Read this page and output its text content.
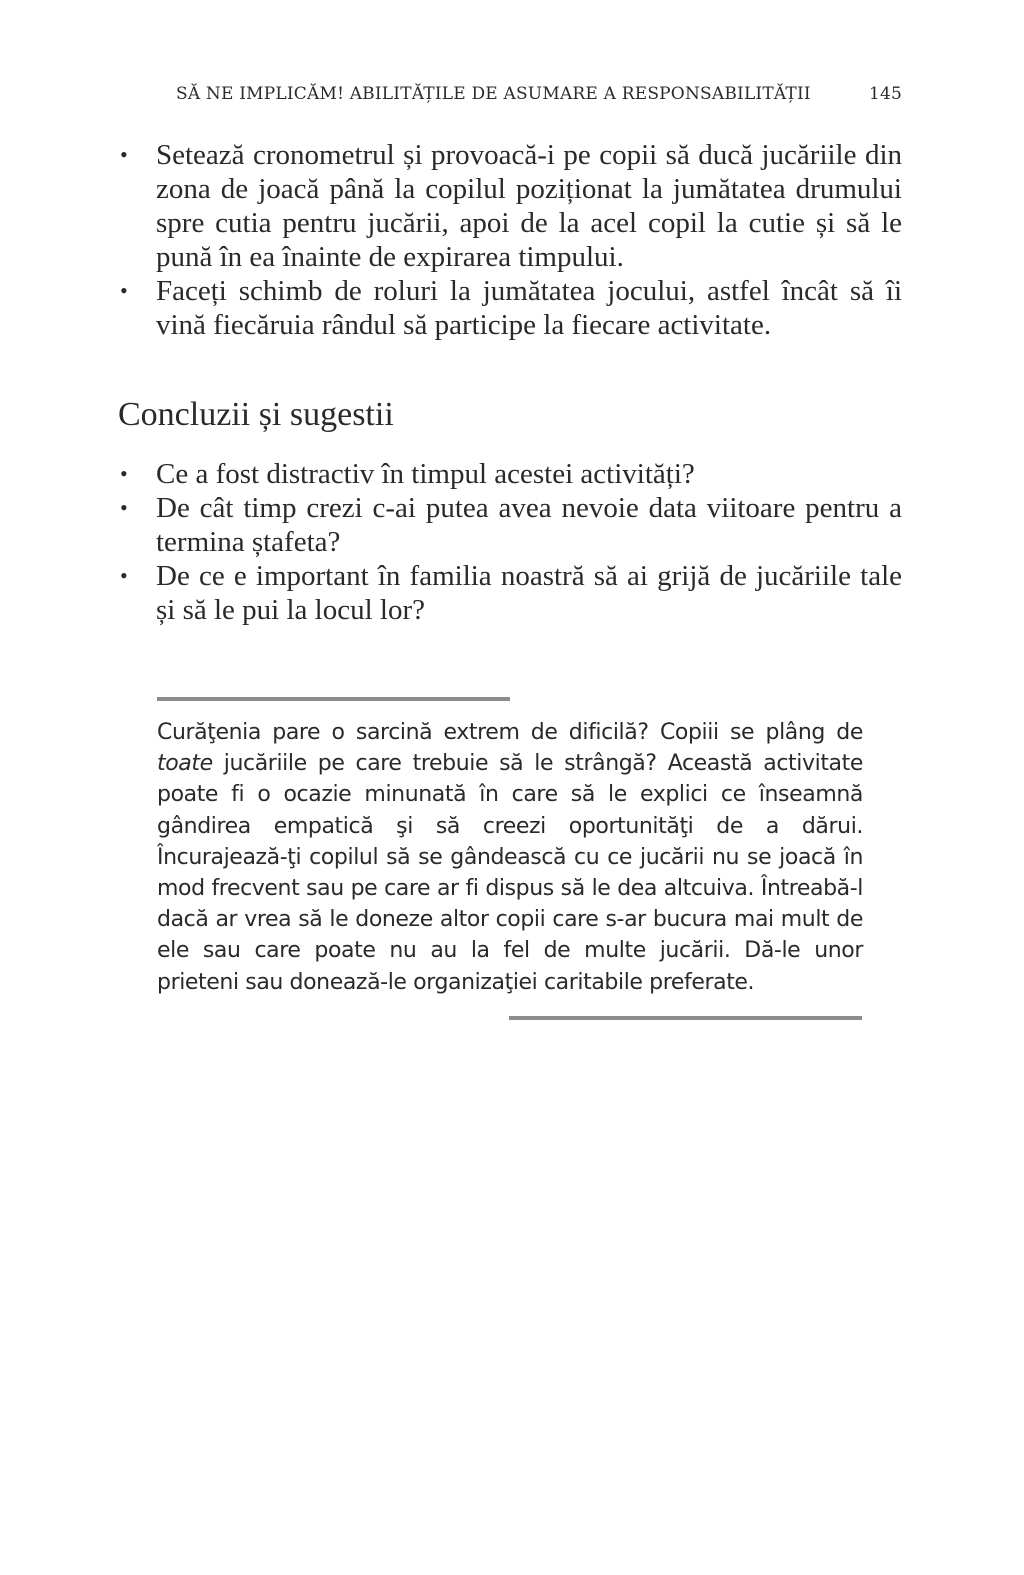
SĂ NE IMPLICĂM! ABILITĂȚILE DE ASUMARE A RESPONSABILITĂȚII	145
• Setează cronometrul și provoacă-i pe copii să ducă jucăriile din zona de joacă până la copilul poziționat la jumătatea drumului spre cutia pentru jucării, apoi de la acel copil la cutie și să le pună în ea înainte de expirarea timpului.
• Faceți schimb de roluri la jumătatea jocului, astfel încât să îi vină fiecăruia rândul să participe la fiecare activitate.
Concluzii și sugestii
• Ce a fost distractiv în timpul acestei activități?
• De cât timp crezi c-ai putea avea nevoie data viitoare pentru a termina ștafeta?
• De ce e important în familia noastră să ai grijă de jucăriile tale și să le pui la locul lor?

Curăţenia pare o sarcină extrem de dificilă? Copiii se plâng de toate jucăriile pe care trebuie să le strângă? Această activitate poate fi o ocazie minunată în care să le explici ce înseamnă gândirea empatică şi să creezi oportunităţi de a dărui. Încurajează-ţi copilul să se gândească cu ce jucării nu se joacă în mod frecvent sau pe care ar fi dispus să le dea altcuiva. Întreabă-l dacă ar vrea să le doneze altor copii care s-ar bucura mai mult de ele sau care poate nu au la fel de multe jucării. Dă-le unor prieteni sau donează-le organizaţiei caritabile preferate.
